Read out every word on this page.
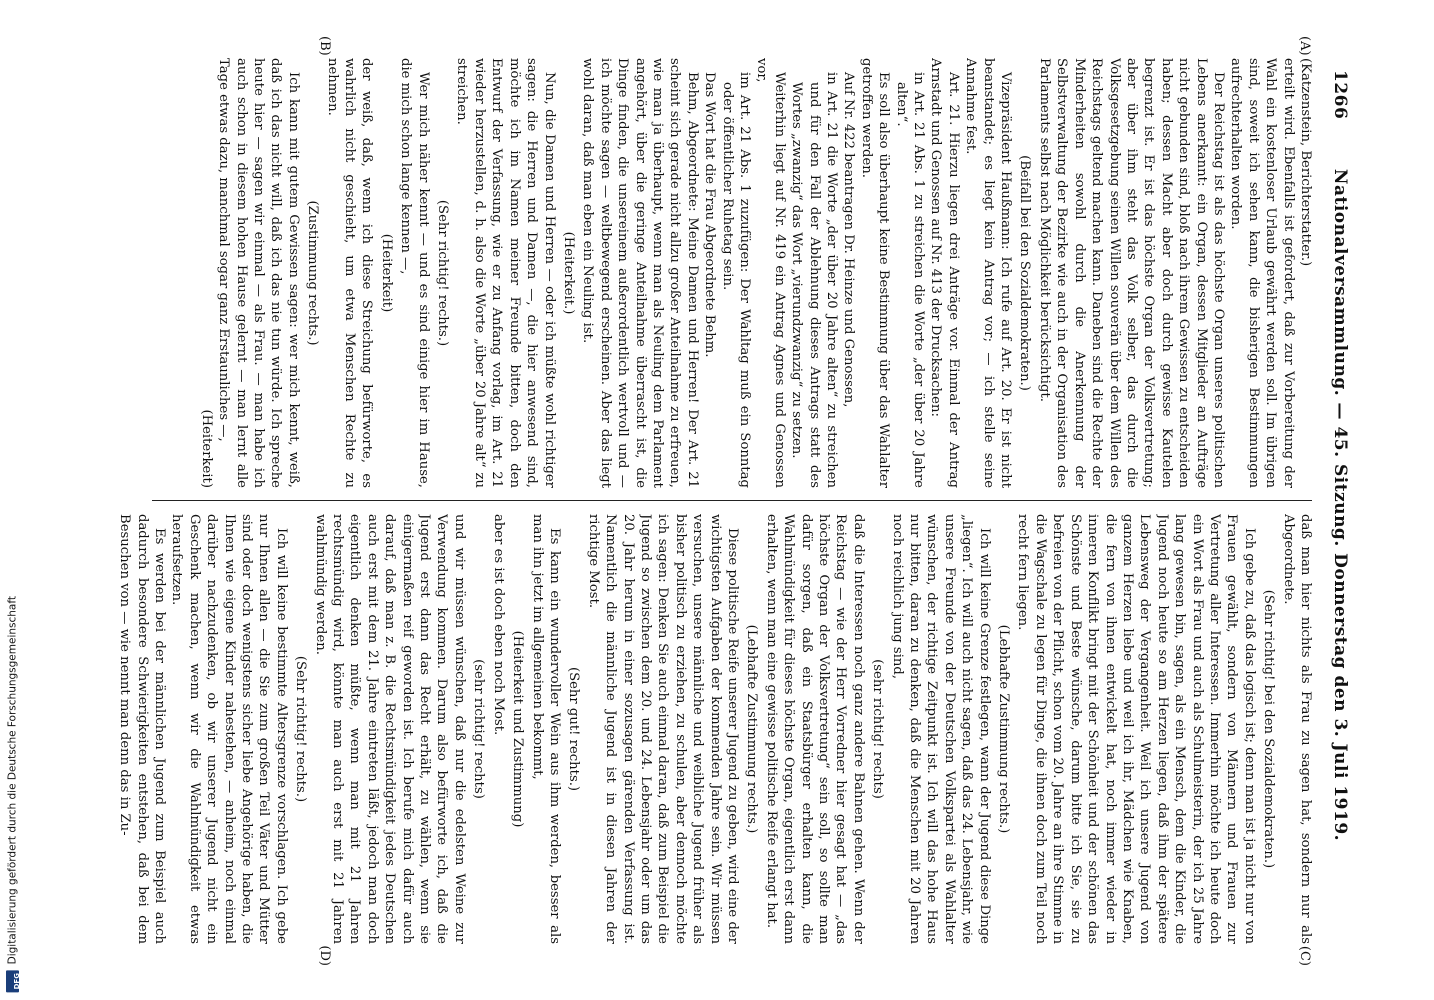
1266
Nationalversammlung. — 45. Sitzung. Donnerstag den 3. Juli 1919.
(A)
(B)
(C)
(D)

(Katzenstein, Berichterstatter.)

erteilt wird. Ebenfalls ist gefordert, daß zur Vorbereitung der Wahl ein kostenloser Urlaub gewährt werden soll. Im übrigen sind, soweit ich sehen kann, die bisherigen Bestimmungen aufrechterhalten worden.

Der Reichstag ist als das höchste Organ unseres politischen Lebens anerkannt: ein Organ, dessen Mitglieder an Aufträge nicht gebunden sind, bloß nach ihrem Gewissen zu entscheiden haben; dessen Macht aber doch durch gewisse Kautelen begrenzt ist. Er ist das höchste Organ der Volksvertretung; aber über ihm steht das Volk selber, das durch die Volksgesetzgebung seinen Willen souverän über dem Willen des Reichstags geltend machen kann. Daneben sind die Rechte der Minderheiten sowohl durch die Anerkennung der Selbstverwaltung der Bezirke wie auch in der Organisation des Parlaments selbst nach Möglichkeit berücksichtigt.

(Beifall bei den Sozialdemokraten.)

Vizepräsident Haußmann: Ich rufe auf Art. 20. Er ist nicht beanstandet; es liegt kein Antrag vor; — ich stelle seine Annahme fest.

Art. 21. Hierzu liegen drei Anträge vor. Einmal der Antrag Arnstadt und Genossen auf Nr. 413 der Drucksachen:

in Art. 21 Abs. 1 zu streichen die Worte „der über 20 Jahre alten“.

Es soll also überhaupt keine Bestimmung über das Wahlalter getroffen werden.

Auf Nr. 422 beantragen Dr. Heinze und Genossen,

in Art. 21 die Worte „der über 20 Jahre alten“ zu streichen und für den Fall der Ablehnung dieses Antrags statt des Wortes „zwanzig“ das Wort „vierundzwanzig“ zu setzen.

Weiterhin liegt auf Nr. 419 ein Antrag Agnes und Genossen vor,

im Art. 21 Abs. 1 zuzufügen: Der Wahltag muß ein Sonntag oder öffentlicher Ruhetag sein.

Das Wort hat die Frau Abgeordnete Behm.

Behm, Abgeordnete: Meine Damen und Herren! Der Art. 21 scheint sich gerade nicht allzu großer Anteilnahme zu erfreuen, wie man ja überhaupt, wenn man als Neuling dem Parlament angehört, über die geringe Anteilnahme überrascht ist, die Dinge finden, die unsereinem außerordentlich wertvoll und — ich möchte sagen — weltbewegend erscheinen. Aber das liegt wohl daran, daß man eben ein Neuling ist.

(Heiterkeit.)

Nun, die Damen und Herren — oder ich müßte wohl richtiger sagen: die Herren und Damen —, die hier anwesend sind, möchte ich im Namen meiner Freunde bitten, doch den Entwurf der Verfassung, wie er zu Anfang vorlag, im Art. 21 wieder herzustellen, d. h. also die Worte „über 20 Jahre alt“ zu streichen.

(Sehr richtig! rechts.)

Wer mich näher kennt — und es sind einige hier im Hause, die mich schon lange kennen —,

(Heiterkeit)

der weiß, daß, wenn ich diese Streichung befürworte, es wahrlich nicht geschieht, um etwa Menschen Rechte zu nehmen.

(Zustimmung rechts.)

Ich kann mit gutem Gewissen sagen: wer mich kennt, weiß, daß ich das nicht will, daß ich das nie tun würde. Ich spreche heute hier — sagen wir einmal — als Frau. — man habe ich auch schon in diesem hohen Hause gelernt — man lernt alle Tage etwas dazu, manchmal sogar ganz Erstaunliches —,

(Heiterkeit)

daß man hier nichts als Frau zu sagen hat, sondern nur als Abgeordnete.

(Sehr richtig! bei den Sozialdemokraten.)

Ich gebe zu, daß das logisch ist; denn man ist ja nicht nur von Frauen gewählt, sondern von Männern und Frauen zur Vertretung aller Interessen. Immerhin möchte ich heute doch ein Wort als Frau und auch als Schulmeisterin, der ich 25 Jahre lang gewesen bin, sagen, als ein Mensch, dem die Kinder, die Jugend noch heute so am Herzen liegen, daß ihm der spätere Lebensweg der Vergangenheit. Weil ich unsere Jugend von ganzem Herzen liebe und weil ich ihr, Mädchen wie Knaben, die fern von ihnen entwickelt hat, noch immer wieder in inneren Konflikt bringt mit der Schönheit und der schönen das Schönste und Beste wünsche, darum bitte ich Sie, sie zu befreien von der Pflicht, schon vom 20. Jahre an ihre Stimme in die Wagschale zu legen für Dinge, die ihnen doch zum Teil noch recht fern liegen.

(Lebhafte Zustimmung rechts.)

Ich will keine Grenze festlegen, wann der Jugend diese Dinge „liegen“. Ich will auch nicht sagen, daß das 24. Lebensjahr, wie unsere Freunde von der Deutschen Volkspartei als Wahlalter wünschen, der richtige Zeitpunkt ist. Ich will das hohe Haus nur bitten, daran zu denken, daß die Menschen mit 20 Jahren noch reichlich jung sind,

(sehr richtig! rechts)

daß die Interessen noch ganz andere Bahnen gehen. Wenn der Reichstag — wie der Herr Vorredner hier gesagt hat — „das höchste Organ der Volksvertretung“ sein soll, so sollte man dafür sorgen, daß ein Staatsbürger erhalten kann, die Wahlmündigkeit für dieses höchste Organ, eigentlich erst dann erhalten, wenn man eine gewisse politische Reife erlangt hat.

(Lebhafte Zustimmung rechts.)

Diese politische Reife unserer Jugend zu geben, wird eine der wichtigsten Aufgaben der kommenden Jahre sein. Wir müssen versuchen, unsere männliche und weibliche Jugend früher als bisher politisch zu erziehen, zu schulen, aber dennoch möchte ich sagen: Denken Sie auch einmal daran, daß zum Beispiel die Jugend so zwischen dem 20. und 24. Lebensjahr oder um das 20. Jahr herum in einer sozusagen gärenden Verfassung ist. Namentlich die männliche Jugend ist in diesen Jahren der richtige Most.

(Sehr gut! rechts.)

Es kann ein wundervoller Wein aus ihm werden, besser als man ihn jetzt im allgemeinen bekommt,

(Heiterkeit und Zustimmung)

aber es ist doch eben noch Most.

(sehr richtig! rechts)

und wir müssen wünschen, daß nur die edelsten Weine zur Verwendung kommen. Darum also befürworte ich, daß die Jugend erst dann das Recht erhält, zu wählen, wenn sie einigermaßen reif geworden ist. Ich berufe mich dafür auch darauf, daß man z. B. die Rechtsmündigkeit jedes Deutschen auch erst mit dem 21. Jahre eintreten läßt, jedoch man doch eigentlich denken müßte, wenn man mit 21 Jahren rechtsmündig wird, könnte man auch erst mit 21 Jahren wahlmündig werden.

(Sehr richtig! rechts.)

Ich will keine bestimmte Altersgrenze vorschlagen. Ich gebe nur Ihnen allen — die Sie zum großen Teil Väter und Mütter sind oder doch wenigstens sicher liebe Angehörige haben, die Ihnen wie eigene Kinder nahestehen, — anheim, noch einmal darüber nachzudenken, ob wir unserer Jugend nicht ein Geschenk machen, wenn wir die Wahlmündigkeit etwas heraufsetzen.

Es werden bei der männlichen Jugend zum Beispiel auch dadurch besondere Schwierigkeiten entstehen, daß bei dem Besuchen von — wie nennt man denn das in Zu-

DFG
Digitalisierung gefördert durch die Deutsche Forschungsgemeinschaft
